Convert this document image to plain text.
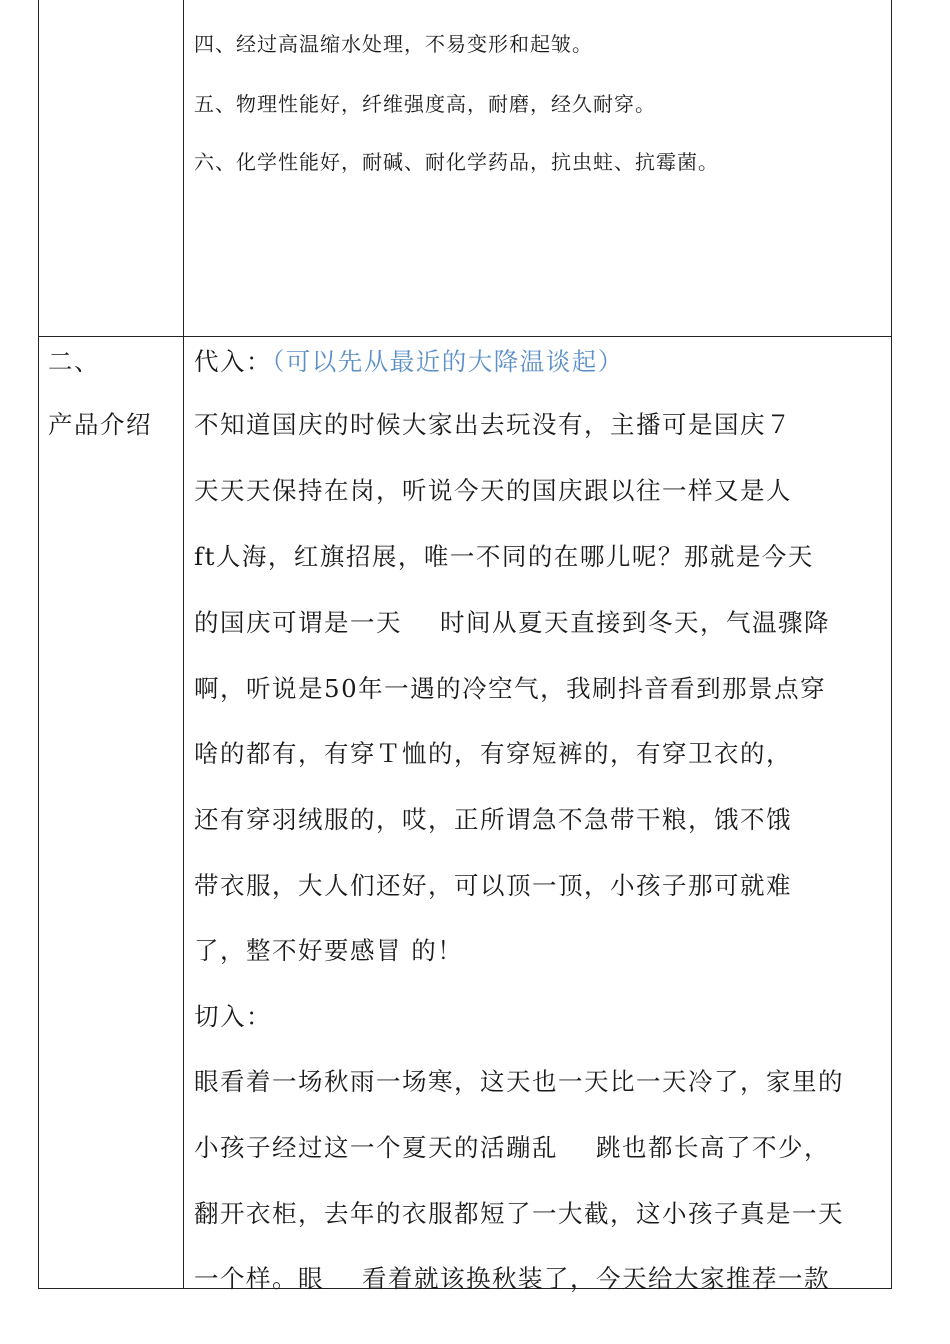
四、经过高温缩水处理，不易变形和起皱。
五、物理性能好，纤维强度高，耐磨，经久耐穿。
六、化学性能好，耐碱、耐化学药品，抗虫蛀、抗霉菌。
二、
产品介绍
代入：（可以先从最近的大降温谈起）
不知道国庆的时候大家出去玩没有，主播可是国庆７
天天天保持在岗，听说今天的国庆跟以往一样又是人
ft人海，红旗招展，唯一不同的在哪儿呢？那就是今天
的国庆可谓是一天 时间从夏天直接到冬天，气温骤降
啊，听说是50年一遇的冷空气，我刷抖音看到那景点穿
啥的都有，有穿Ｔ恤的，有穿短裤的，有穿卫衣的，
还有穿羽绒服的，哎，正所谓急不急带干粮，饿不饿
带衣服，大人们还好，可以顶一顶，小孩子那可就难
了，整不好要感冒 的！
切入：
眼看着一场秋雨一场寒，这天也一天比一天冷了，家里的
小孩子经过这一个夏天的活蹦乱 跳也都长高了不少，
翻开衣柜，去年的衣服都短了一大截，这小孩子真是一天
一个样。眼 看着就该换秋装了，今天给大家推荐一款
